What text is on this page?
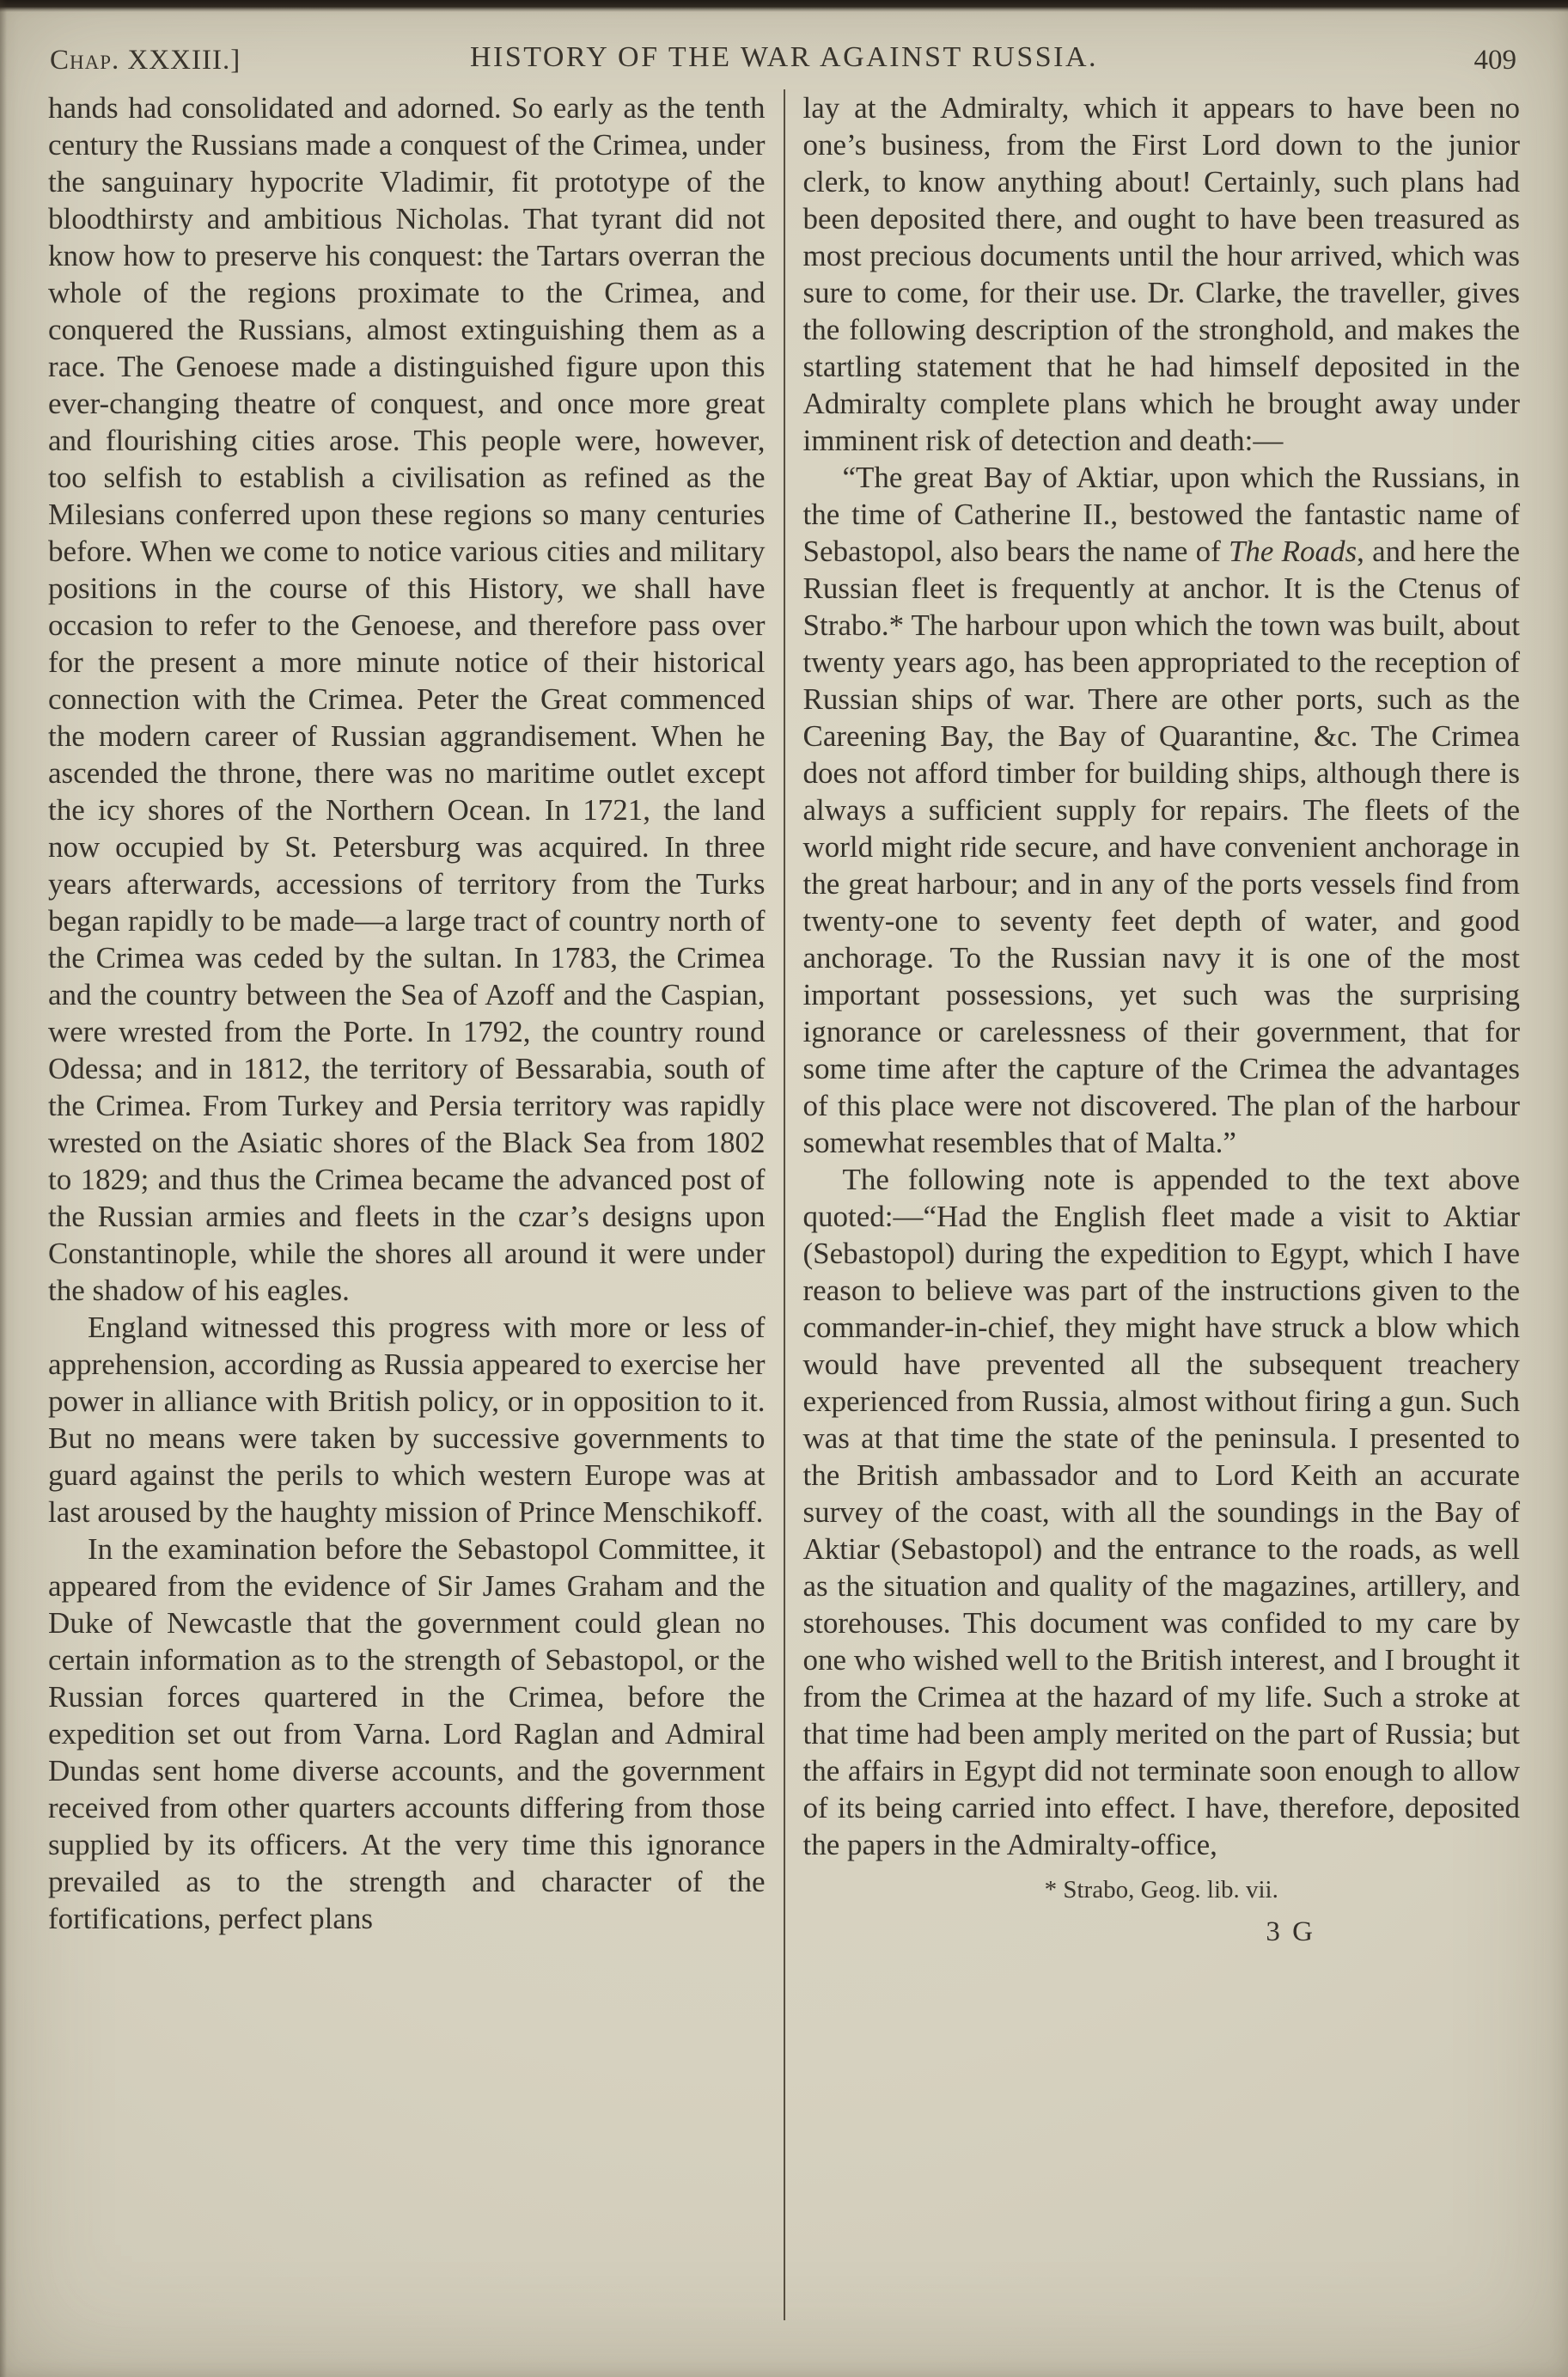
Chap. XXXIII.]	HISTORY OF THE WAR AGAINST RUSSIA.	409

hands had consolidated and adorned. So early as the tenth century the Russians made a conquest of the Crimea, under the sanguinary hypocrite Vladimir, fit prototype of the bloodthirsty and ambitious Nicholas. That tyrant did not know how to preserve his conquest: the Tartars overran the whole of the regions proximate to the Crimea, and conquered the Russians, almost extinguishing them as a race. The Genoese made a distinguished figure upon this ever-changing theatre of conquest, and once more great and flourishing cities arose. This people were, however, too selfish to establish a civilisation as refined as the Milesians conferred upon these regions so many centuries before. When we come to notice various cities and military positions in the course of this History, we shall have occasion to refer to the Genoese, and therefore pass over for the present a more minute notice of their historical connection with the Crimea. Peter the Great commenced the modern career of Russian aggrandisement. When he ascended the throne, there was no maritime outlet except the icy shores of the Northern Ocean. In 1721, the land now occupied by St. Petersburg was acquired. In three years afterwards, accessions of territory from the Turks began rapidly to be made—a large tract of country north of the Crimea was ceded by the sultan. In 1783, the Crimea and the country between the Sea of Azoff and the Caspian, were wrested from the Porte. In 1792, the country round Odessa; and in 1812, the territory of Bessarabia, south of the Crimea. From Turkey and Persia territory was rapidly wrested on the Asiatic shores of the Black Sea from 1802 to 1829; and thus the Crimea became the advanced post of the Russian armies and fleets in the czar’s designs upon Constantinople, while the shores all around it were under the shadow of his eagles.

England witnessed this progress with more or less of apprehension, according as Russia appeared to exercise her power in alliance with British policy, or in opposition to it. But no means were taken by successive governments to guard against the perils to which western Europe was at last aroused by the haughty mission of Prince Menschikoff.

In the examination before the Sebastopol Committee, it appeared from the evidence of Sir James Graham and the Duke of Newcastle that the government could glean no certain information as to the strength of Sebastopol, or the Russian forces quartered in the Crimea, before the expedition set out from Varna. Lord Raglan and Admiral Dundas sent home diverse accounts, and the government received from other quarters accounts differing from those supplied by its officers. At the very time this ignorance prevailed as to the strength and character of the fortifications, perfect plans

lay at the Admiralty, which it appears to have been no one’s business, from the First Lord down to the junior clerk, to know anything about! Certainly, such plans had been deposited there, and ought to have been treasured as most precious documents until the hour arrived, which was sure to come, for their use. Dr. Clarke, the traveller, gives the following description of the stronghold, and makes the startling statement that he had himself deposited in the Admiralty complete plans which he brought away under imminent risk of detection and death:—

“The great Bay of Aktiar, upon which the Russians, in the time of Catherine II., bestowed the fantastic name of Sebastopol, also bears the name of The Roads, and here the Russian fleet is frequently at anchor. It is the Ctenus of Strabo.* The harbour upon which the town was built, about twenty years ago, has been appropriated to the reception of Russian ships of war. There are other ports, such as the Careening Bay, the Bay of Quarantine, &c. The Crimea does not afford timber for building ships, although there is always a sufficient supply for repairs. The fleets of the world might ride secure, and have convenient anchorage in the great harbour; and in any of the ports vessels find from twenty-one to seventy feet depth of water, and good anchorage. To the Russian navy it is one of the most important possessions, yet such was the surprising ignorance or carelessness of their government, that for some time after the capture of the Crimea the advantages of this place were not discovered. The plan of the harbour somewhat resembles that of Malta.”

The following note is appended to the text above quoted:—“Had the English fleet made a visit to Aktiar (Sebastopol) during the expedition to Egypt, which I have reason to believe was part of the instructions given to the commander-in-chief, they might have struck a blow which would have prevented all the subsequent treachery experienced from Russia, almost without firing a gun. Such was at that time the state of the peninsula. I presented to the British ambassador and to Lord Keith an accurate survey of the coast, with all the soundings in the Bay of Aktiar (Sebastopol) and the entrance to the roads, as well as the situation and quality of the magazines, artillery, and storehouses. This document was confided to my care by one who wished well to the British interest, and I brought it from the Crimea at the hazard of my life. Such a stroke at that time had been amply merited on the part of Russia; but the affairs in Egypt did not terminate soon enough to allow of its being carried into effect. I have, therefore, deposited the papers in the Admiralty-office,

* Strabo, Geog. lib. vii.
3 G
